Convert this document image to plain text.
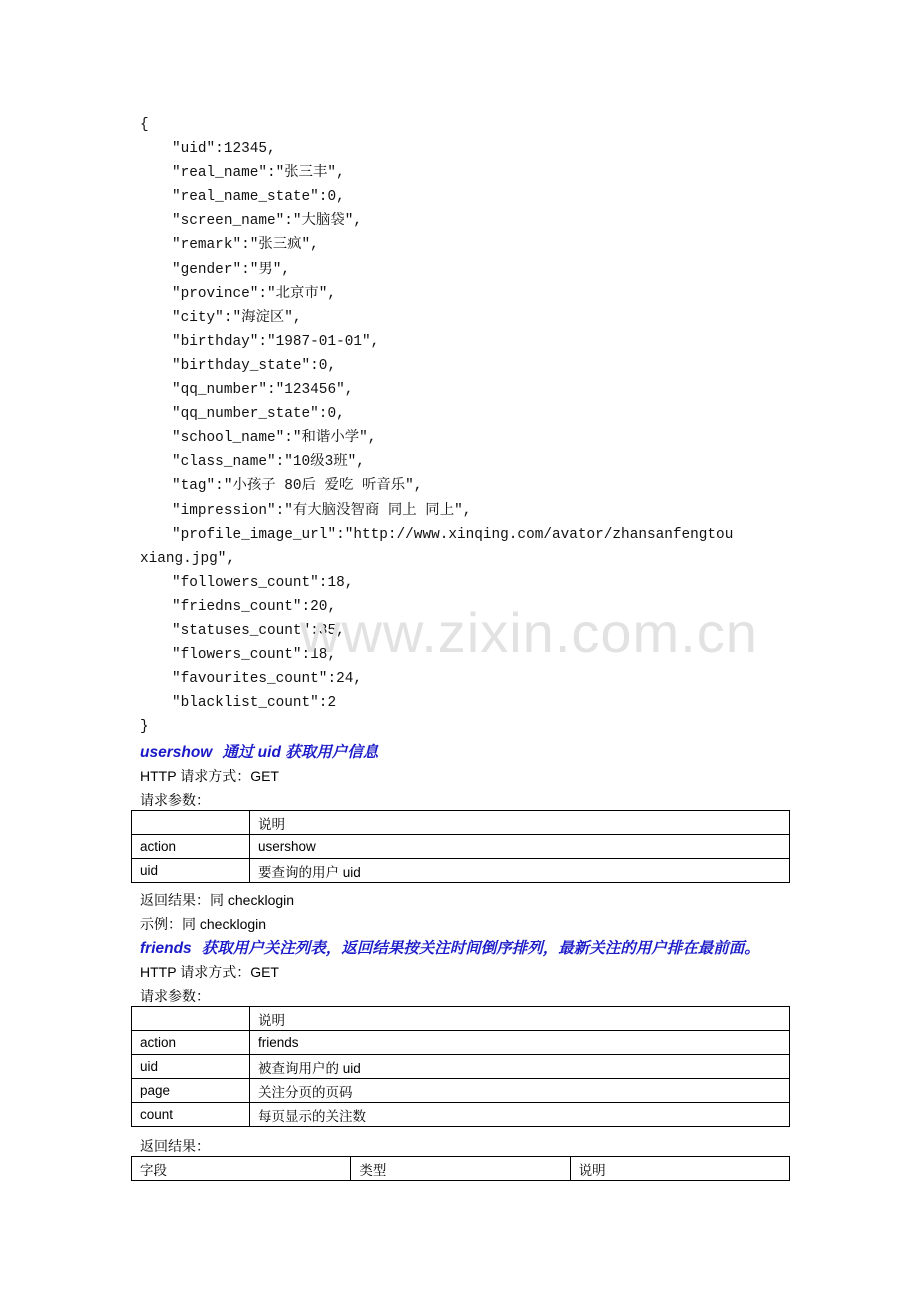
{
"uid":12345,
"real_name":"张三丰",
"real_name_state":0,
"screen_name":"大脑袋",
"remark":"张三疯",
"gender":"男",
"province":"北京市",
"city":"海淀区",
"birthday":"1987-01-01",
"birthday_state":0,
"qq_number":"123456",
"qq_number_state":0,
"school_name":"和谐小学",
"class_name":"10级3班",
"tag":"小孩子 80后 爱吃 听音乐",
"impression":"有大脑没智商 同上 同上",
"profile_image_url":"http://www.xinqing.com/avator/zhansanfengtou
xiang.jpg",
"followers_count":18,
"friedns_count":20,
"statuses_count":35,
"flowers_count":18,
"favourites_count":24,
"blacklist_count":2
}
www.zixin.com.cn
usershow 通过 uid 获取用户信息
HTTP 请求方式：GET
请求参数：
	说明
action	usershow
uid	要查询的用户 uid
返回结果：同 checklogin
示例：同 checklogin
friends 获取用户关注列表，返回结果按关注时间倒序排列，最新关注的用户排在最前面。
HTTP 请求方式：GET
请求参数：
	说明
action	friends
uid	被查询用户的 uid
page	关注分页的页码
count	每页显示的关注数
返回结果：
字段	类型	说明
